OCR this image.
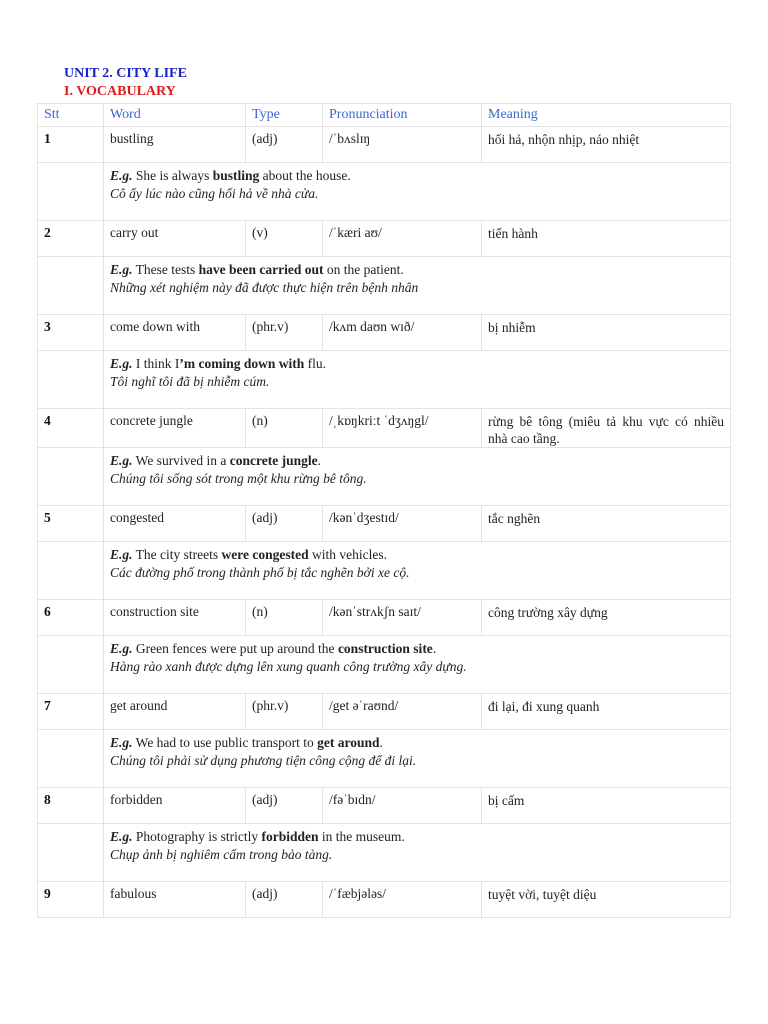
UNIT 2. CITY LIFE
I. VOCABULARY
Stt	Word	Type	Pronunciation	Meaning
1	bustling	(adj)	/ˈbʌslɪŋ	hối hả, nhộn nhịp, náo nhiệt

	E.g. She is always bustling about the house.
Cô ấy lúc nào cũng hối hả về nhà cửa.			

2	carry out	(v)	/ˈkæri aʊ/	tiến hành

	E.g. These tests have been carried out on the patient.
Những xét nghiệm này đã được thực hiện trên bệnh nhân			

3	come down with	(phr.v)	/kʌm daʊn wɪð/	bị nhiễm

	E.g. I think I’m coming down with flu.
Tôi nghĩ tôi đã bị nhiễm cúm.			

4	concrete jungle	(n)	/ˌkɒŋkriːt ˈdʒʌŋgl/	rừng bê tông (miêu tả khu vực có nhiều nhà cao tầng.

	E.g. We survived in a concrete jungle.
Chúng tôi sống sót trong một khu rừng bê tông.			

5	congested	(adj)	/kənˈdʒestɪd/	tắc nghẽn

	E.g. The city streets were congested with vehicles.
Các đường phố trong thành phố bị tắc nghẽn bởi xe cộ.			

6	construction site	(n)	/kənˈstrʌkʃn saɪt/	công trường xây dựng

	E.g. Green fences were put up around the construction site.
Hàng rào xanh được dựng lên xung quanh công trường xây dựng.			

7	get around	(phr.v)	/get əˈraʊnd/	đi lại, đi xung quanh

	E.g. We had to use public transport to get around.
Chúng tôi phải sử dụng phương tiện công cộng để đi lại.			

8	forbidden	(adj)	/fəˈbɪdn/	bị cấm

	E.g. Photography is strictly forbidden in the museum.
Chụp ảnh bị nghiêm cấm trong bảo tàng.			

9	fabulous	(adj)	/ˈfæbjələs/	tuyệt vời, tuyệt diệu
